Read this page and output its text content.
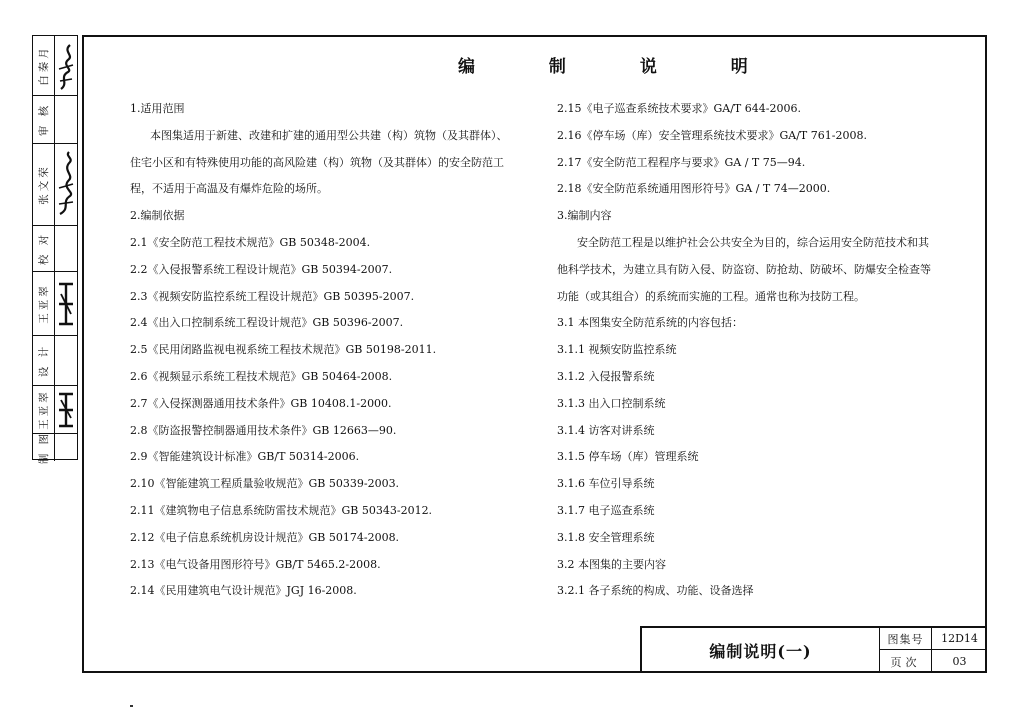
白秦月
审 核
张文荣
校 对
王亚翠
设 计
王亚翠
制 图
编 制 说 明
1.适用范围
本图集适用于新建、改建和扩建的通用型公共建（构）筑物（及其群体）、
住宅小区和有特殊使用功能的高风险建（构）筑物（及其群体）的安全防范工
程，不适用于高温及有爆炸危险的场所。
2.编制依据
2.1《安全防范工程技术规范》GB 50348-2004.
2.2《入侵报警系统工程设计规范》GB 50394-2007.
2.3《视频安防监控系统工程设计规范》GB 50395-2007.
2.4《出入口控制系统工程设计规范》GB 50396-2007.
2.5《民用闭路监视电视系统工程技术规范》GB 50198-2011.
2.6《视频显示系统工程技术规范》GB 50464-2008.
2.7《入侵探测器通用技术条件》GB 10408.1-2000.
2.8《防盗报警控制器通用技术条件》GB 12663—90.
2.9《智能建筑设计标准》GB/T 50314-2006.
2.10《智能建筑工程质量验收规范》GB 50339-2003.
2.11《建筑物电子信息系统防雷技术规范》GB 50343-2012.
2.12《电子信息系统机房设计规范》GB 50174-2008.
2.13《电气设备用图形符号》GB/T 5465.2-2008.
2.14《民用建筑电气设计规范》JGJ 16-2008.
2.15《电子巡查系统技术要求》GA/T 644-2006.
2.16《停车场（库）安全管理系统技术要求》GA/T 761-2008.
2.17《安全防范工程程序与要求》GA / T 75—94.
2.18《安全防范系统通用图形符号》GA / T 74—2000.
3.编制内容
安全防范工程是以维护社会公共安全为目的，综合运用安全防范技术和其
他科学技术，为建立具有防入侵、防盗窃、防抢劫、防破坏、防爆安全检查等
功能（或其组合）的系统而实施的工程。通常也称为技防工程。
3.1 本图集安全防范系统的内容包括：
3.1.1 视频安防监控系统
3.1.2 入侵报警系统
3.1.3 出入口控制系统
3.1.4 访客对讲系统
3.1.5 停车场（库）管理系统
3.1.6 车位引导系统
3.1.7 电子巡查系统
3.1.8 安全管理系统
3.2 本图集的主要内容
3.2.1 各子系统的构成、功能、设备选择
编制说明(一)
图集号	12D14
页次	03
